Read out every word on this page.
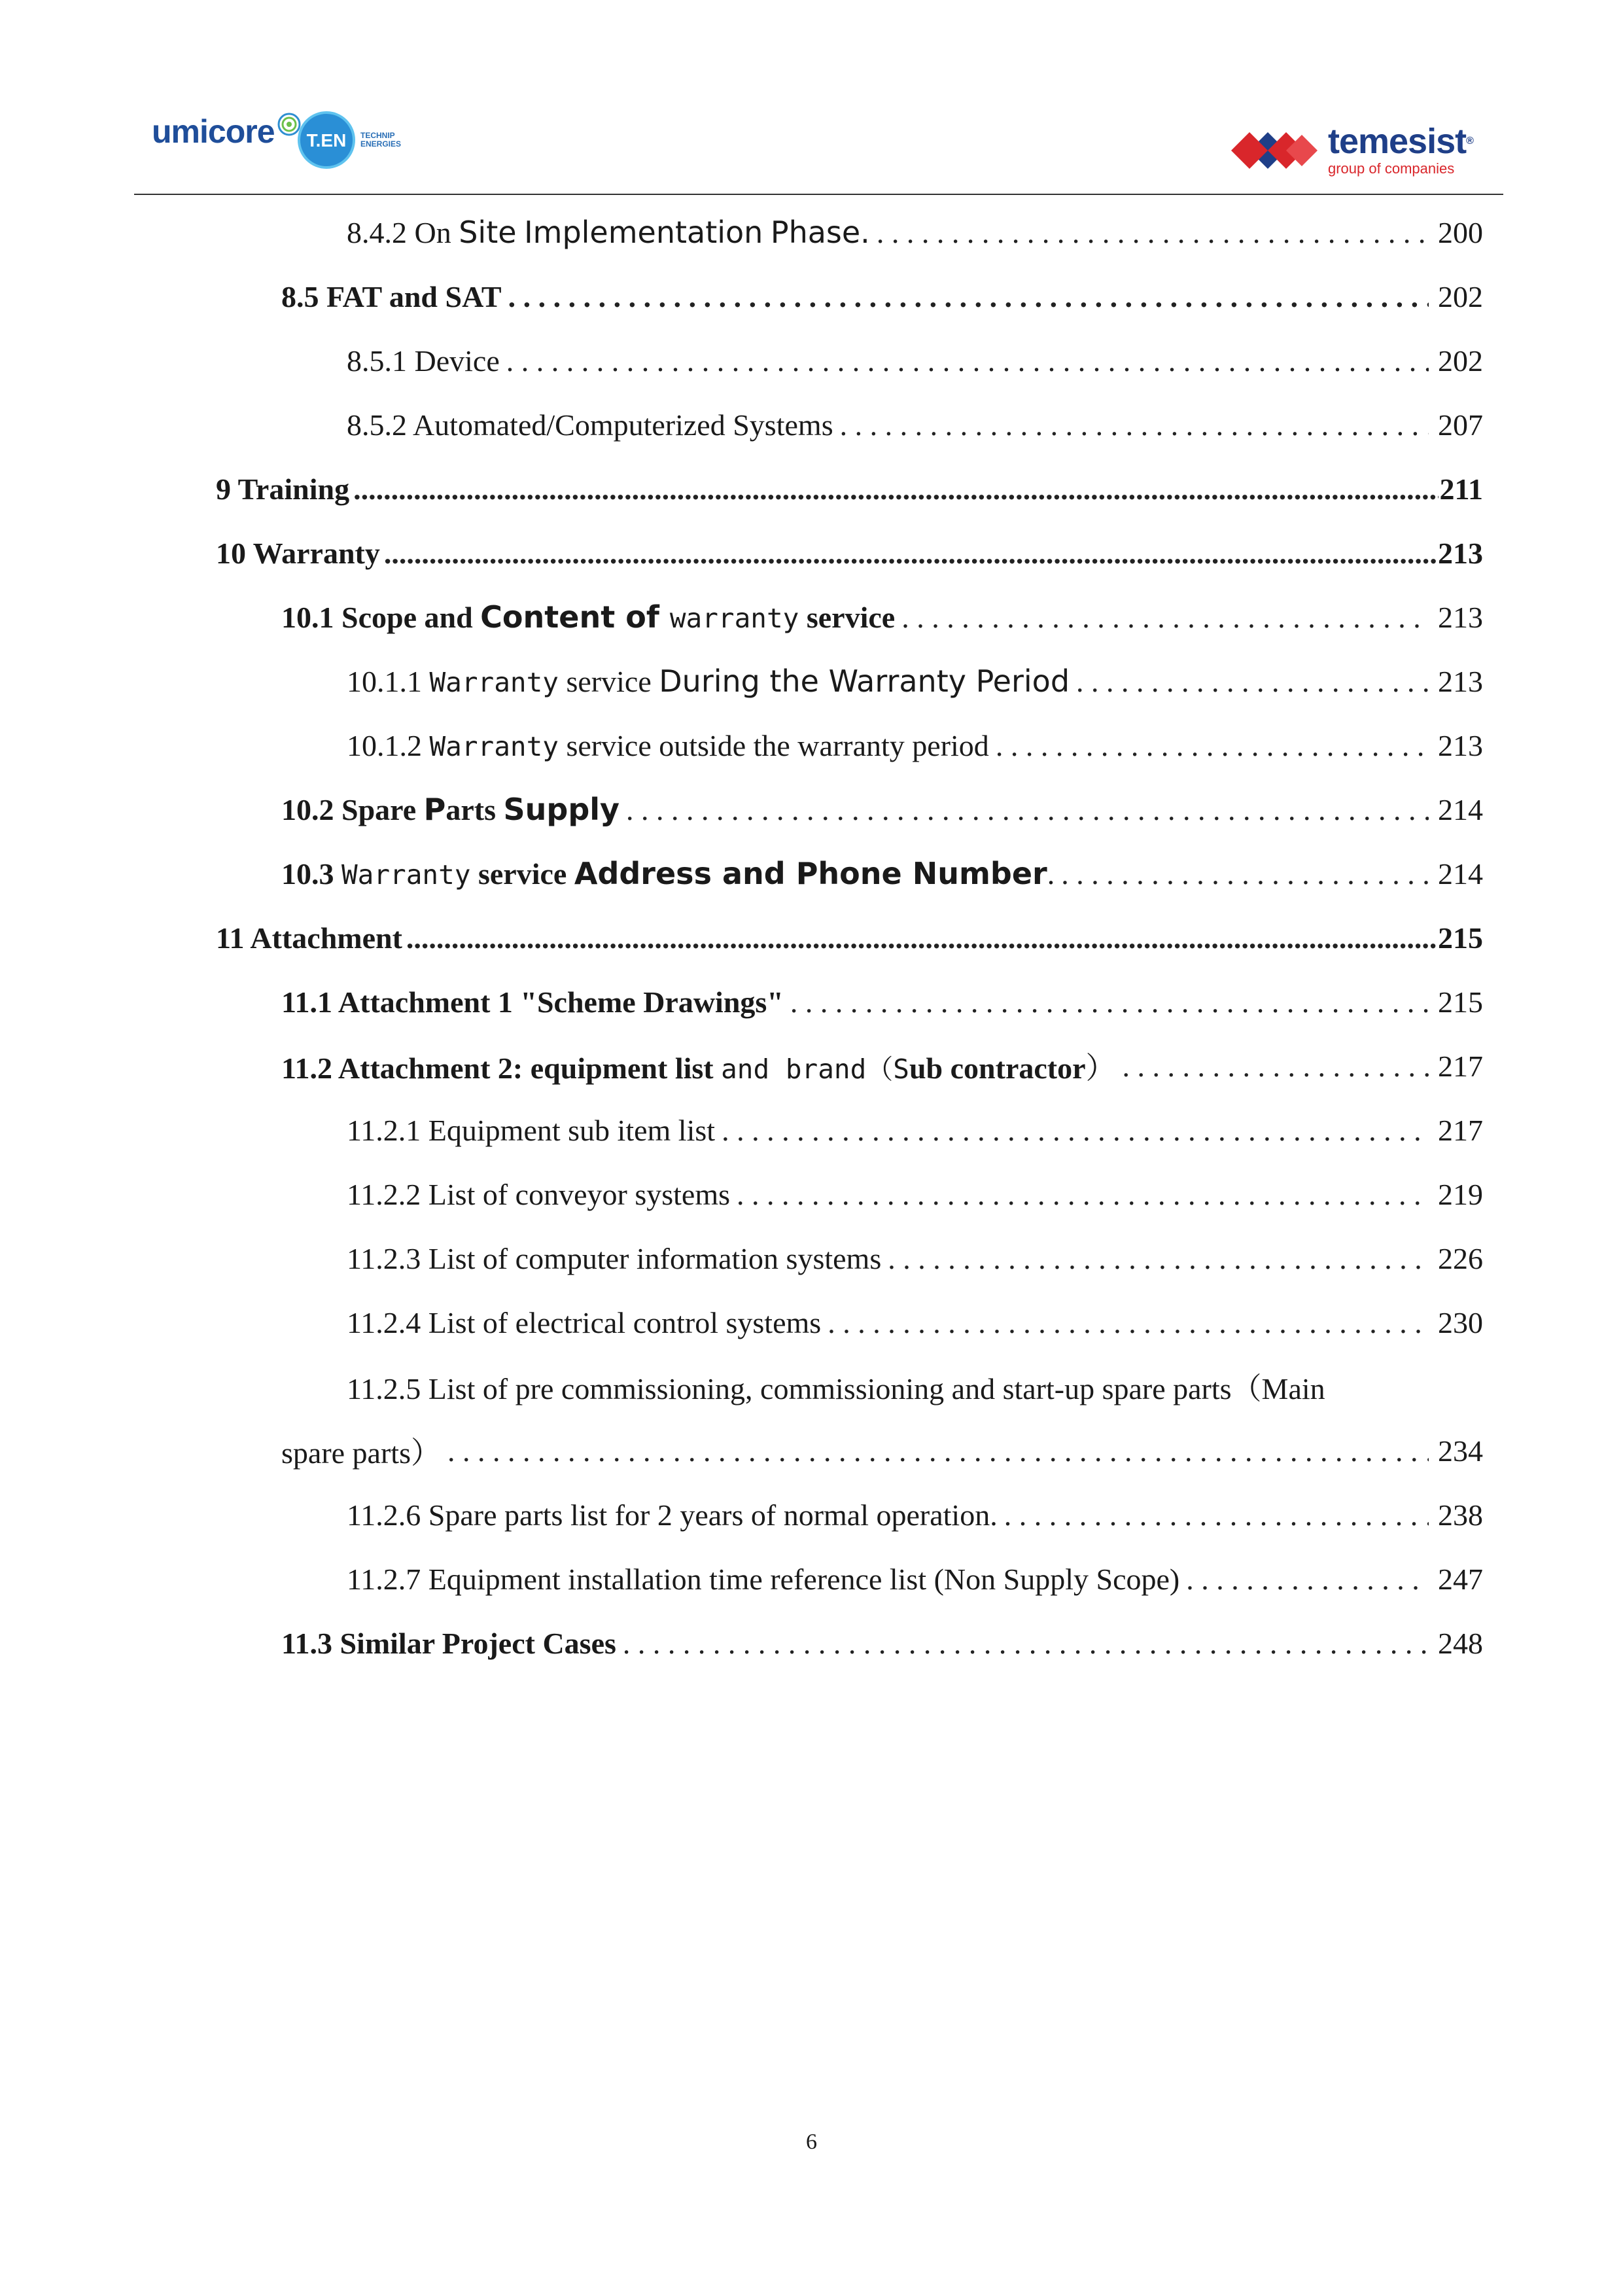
umicore T.EN TECHNIP
ENERGIES	temesist®
group of companies
8.4.2 On Site Implementation Phase. . . .	200
8.5 FAT and SAT . . .	202
8.5.1 Device . . .	202
8.5.2 Automated/Computerized Systems . . .	207
9 Training .....	211
10 Warranty .....	213
10.1 Scope and Content of warranty service . . .	213
10.1.1 Warranty service During the Warranty Period . . .	213
10.1.2 Warranty service outside the warranty period . . .	213
10.2 Spare Parts Supply . . .	214
10.3 Warranty service Address and Phone Number. . . .	214
11 Attachment .....	215
11.1 Attachment 1 "Scheme Drawings" . . .	215
11.2 Attachment 2: equipment list and brand（Sub contractor） . . .	217
11.2.1 Equipment sub item list . . .	217
11.2.2 List of conveyor systems . . .	219
11.2.3 List of computer information systems . . .	226
11.2.4 List of electrical control systems . . .	230
11.2.5 List of pre commissioning, commissioning and start-up spare parts（Main
spare parts） . . .	234
11.2.6 Spare parts list for 2 years of normal operation. . . .	238
11.2.7 Equipment installation time reference list (Non Supply Scope) . . .	247
11.3 Similar Project Cases . . .	248
6
